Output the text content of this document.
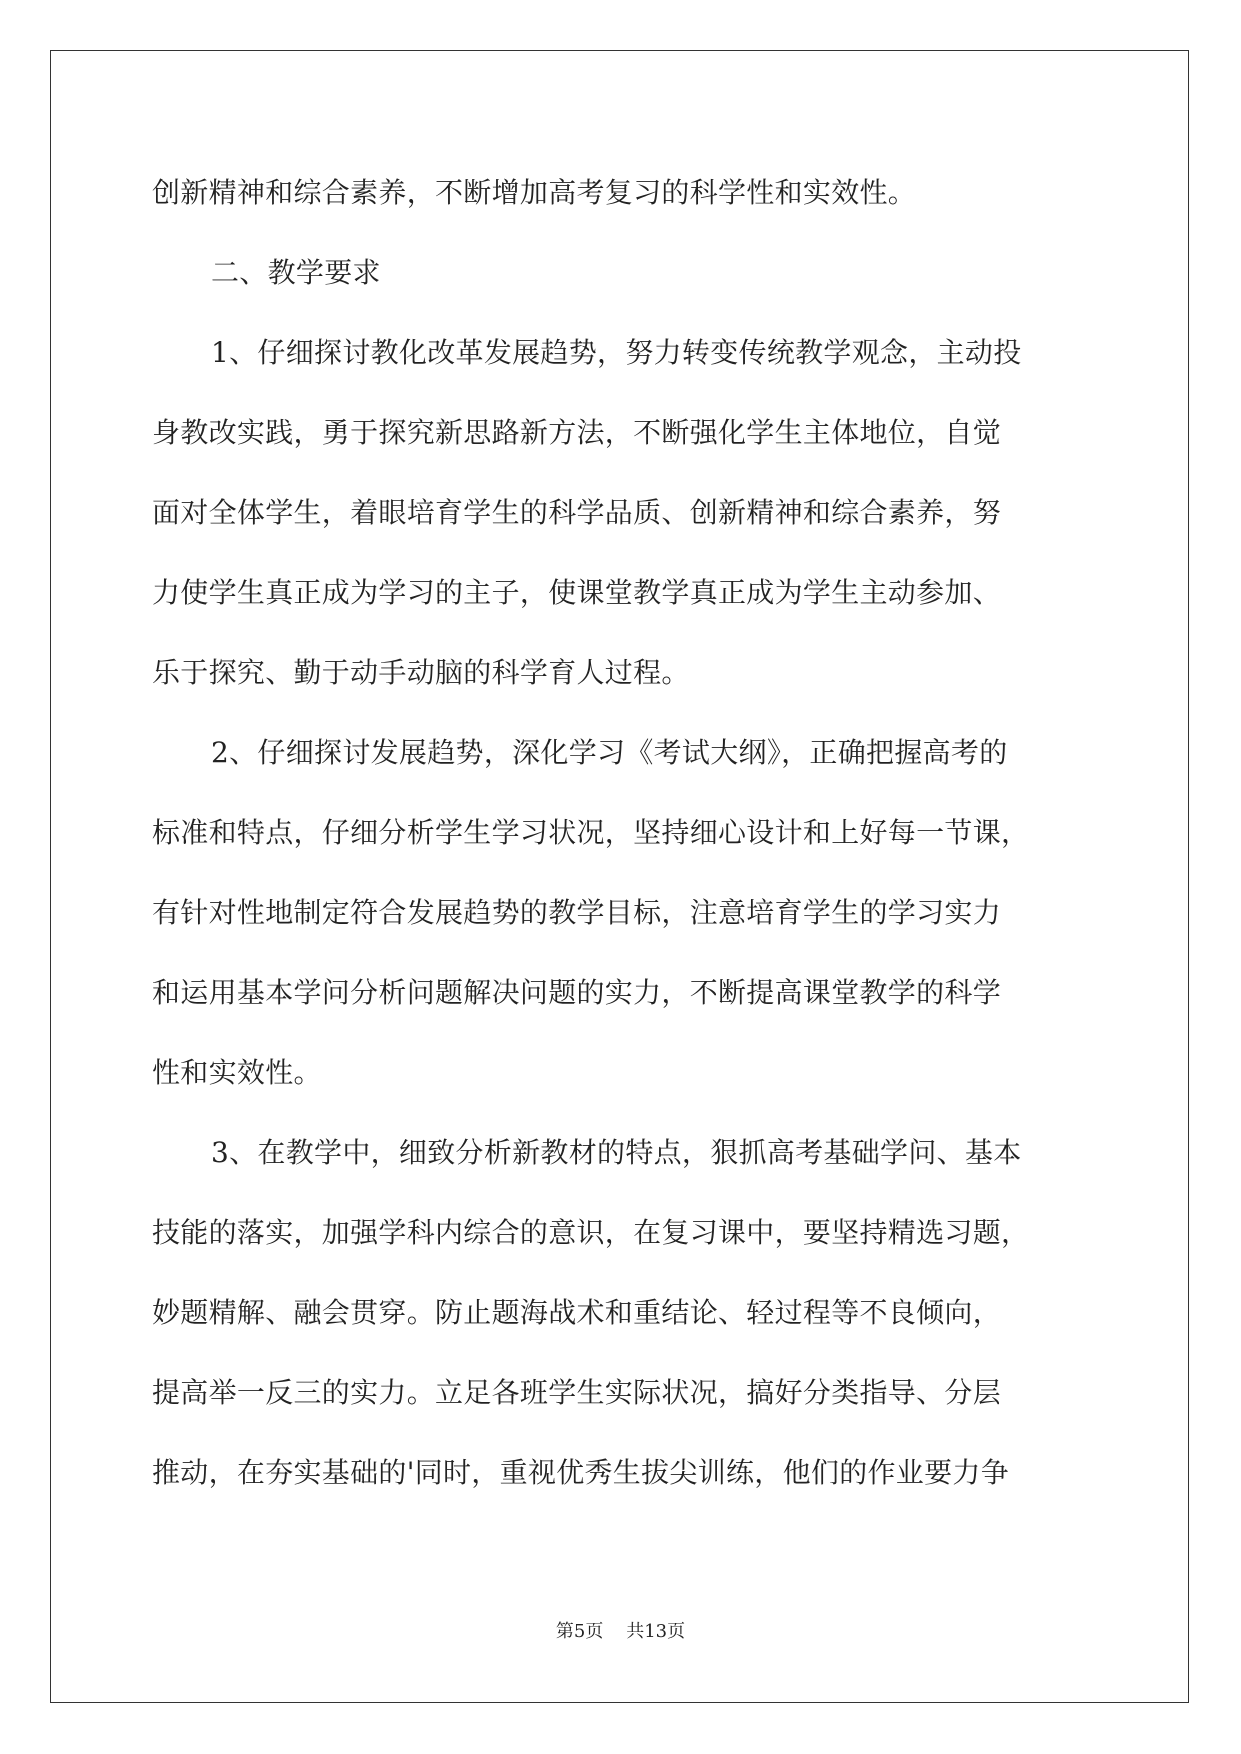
创新精神和综合素养，不断增加高考复习的科学性和实效性。
二、教学要求
1、仔细探讨教化改革发展趋势，努力转变传统教学观念，主动投
身教改实践，勇于探究新思路新方法，不断强化学生主体地位，自觉
面对全体学生，着眼培育学生的科学品质、创新精神和综合素养，努
力使学生真正成为学习的主子，使课堂教学真正成为学生主动参加、
乐于探究、勤于动手动脑的科学育人过程。
2、仔细探讨发展趋势，深化学习《考试大纲》，正确把握高考的
标准和特点，仔细分析学生学习状况，坚持细心设计和上好每一节课，
有针对性地制定符合发展趋势的教学目标，注意培育学生的学习实力
和运用基本学问分析问题解决问题的实力，不断提高课堂教学的科学
性和实效性。
3、在教学中，细致分析新教材的特点，狠抓高考基础学问、基本
技能的落实，加强学科内综合的意识，在复习课中，要坚持精选习题，
妙题精解、融会贯穿。防止题海战术和重结论、轻过程等不良倾向，
提高举一反三的实力。立足各班学生实际状况，搞好分类指导、分层
推动，在夯实基础的'同时，重视优秀生拔尖训练，他们的作业要力争
第5页    共13页
